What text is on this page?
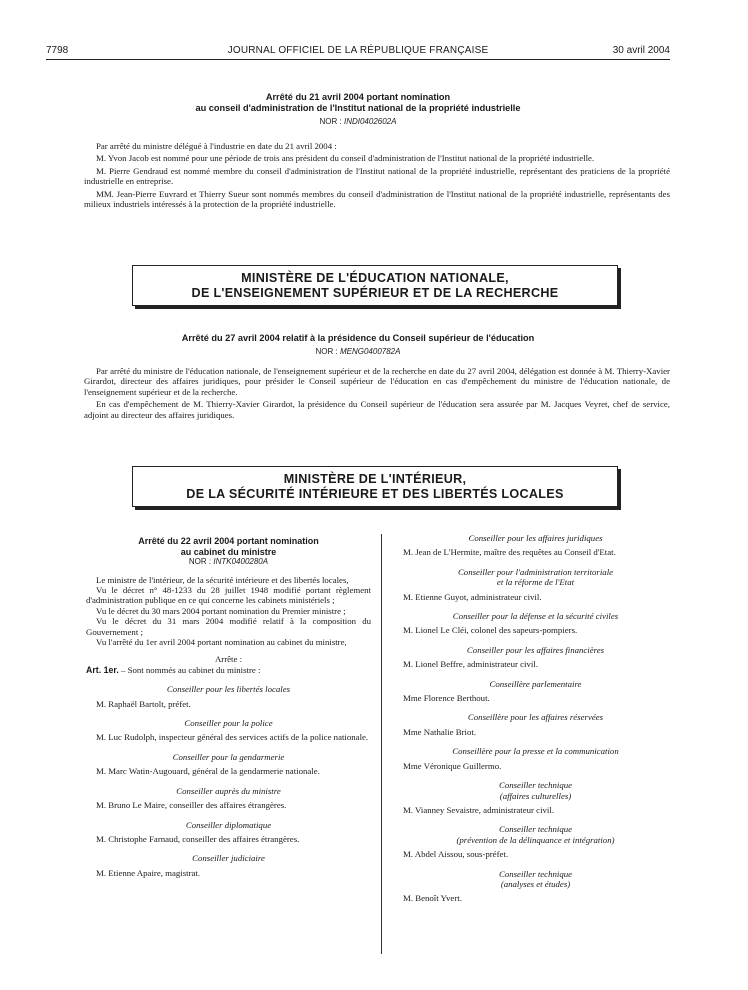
7798	JOURNAL OFFICIEL DE LA RÉPUBLIQUE FRANÇAISE	30 avril 2004
Arrêté du 21 avril 2004 portant nomination
au conseil d'administration de l'Institut national de la propriété industrielle
NOR : INDI0402602A

Par arrêté du ministre délégué à l'industrie en date du 21 avril 2004 :

M. Yvon Jacob est nommé pour une période de trois ans président du conseil d'administration de l'Institut national de la propriété industrielle.

M. Pierre Gendraud est nommé membre du conseil d'administration de l'Institut national de la propriété industrielle, représentant des praticiens de la propriété industrielle en entreprise.

MM. Jean-Pierre Euvrard et Thierry Sueur sont nommés membres du conseil d'administration de l'Institut national de la propriété industrielle, représentants des milieux industriels intéressés à la protection de la propriété industrielle.

MINISTÈRE DE L'ÉDUCATION NATIONALE,
DE L'ENSEIGNEMENT SUPÉRIEUR ET DE LA RECHERCHE
Arrêté du 27 avril 2004 relatif à la présidence du Conseil supérieur de l'éducation
NOR : MENG0400782A

Par arrêté du ministre de l'éducation nationale, de l'enseignement supérieur et de la recherche en date du 27 avril 2004, délégation est donnée à M. Thierry-Xavier Girardot, directeur des affaires juridiques, pour présider le Conseil supérieur de l'éducation en cas d'empêchement du ministre de l'éducation nationale, de l'enseignement supérieur et de la recherche.

En cas d'empêchement de M. Thierry-Xavier Girardot, la présidence du Conseil supérieur de l'éducation sera assurée par M. Jacques Veyret, chef de service, adjoint au directeur des affaires juridiques.

MINISTÈRE DE L'INTÉRIEUR,
DE LA SÉCURITÉ INTÉRIEURE ET DES LIBERTÉS LOCALES
Arrêté du 22 avril 2004 portant nomination
au cabinet du ministre
NOR : INTK0400280A

Le ministre de l'intérieur, de la sécurité intérieure et des libertés locales,

Vu le décret n° 48-1233 du 28 juillet 1948 modifié portant règlement d'administration publique en ce qui concerne les cabinets ministériels ;

Vu le décret du 30 mars 2004 portant nomination du Premier ministre ;

Vu le décret du 31 mars 2004 modifié relatif à la composition du Gouvernement ;

Vu l'arrêté du 1er avril 2004 portant nomination au cabinet du ministre,

Arrête :

Art. 1er. – Sont nommés au cabinet du ministre :

Conseiller pour les libertés locales

M. Raphaël Bartolt, préfet.

Conseiller pour la police

M. Luc Rudolph, inspecteur général des services actifs de la police nationale.

Conseiller pour la gendarmerie

M. Marc Watin-Augouard, général de la gendarmerie nationale.

Conseiller auprès du ministre

M. Bruno Le Maire, conseiller des affaires étrangères.

Conseiller diplomatique

M. Christophe Farnaud, conseiller des affaires étrangères.

Conseiller judiciaire

M. Etienne Apaire, magistrat.

Conseiller pour les affaires juridiques

M. Jean de L'Hermite, maître des requêtes au Conseil d'Etat.

Conseiller pour l'administration territoriale
et la réforme de l'Etat

M. Etienne Guyot, administrateur civil.

Conseiller pour la défense et la sécurité civiles

M. Lionel Le Cléi, colonel des sapeurs-pompiers.

Conseiller pour les affaires financières

M. Lionel Beffre, administrateur civil.

Conseillère parlementaire

Mme Florence Berthout.

Conseillère pour les affaires réservées

Mme Nathalie Briot.

Conseillère pour la presse et la communication

Mme Véronique Guillermo.

Conseiller technique
(affaires culturelles)

M. Vianney Sevaistre, administrateur civil.

Conseiller technique
(prévention de la délinquance et intégration)

M. Abdel Aissou, sous-préfet.

Conseiller technique
(analyses et études)

M. Benoît Yvert.
